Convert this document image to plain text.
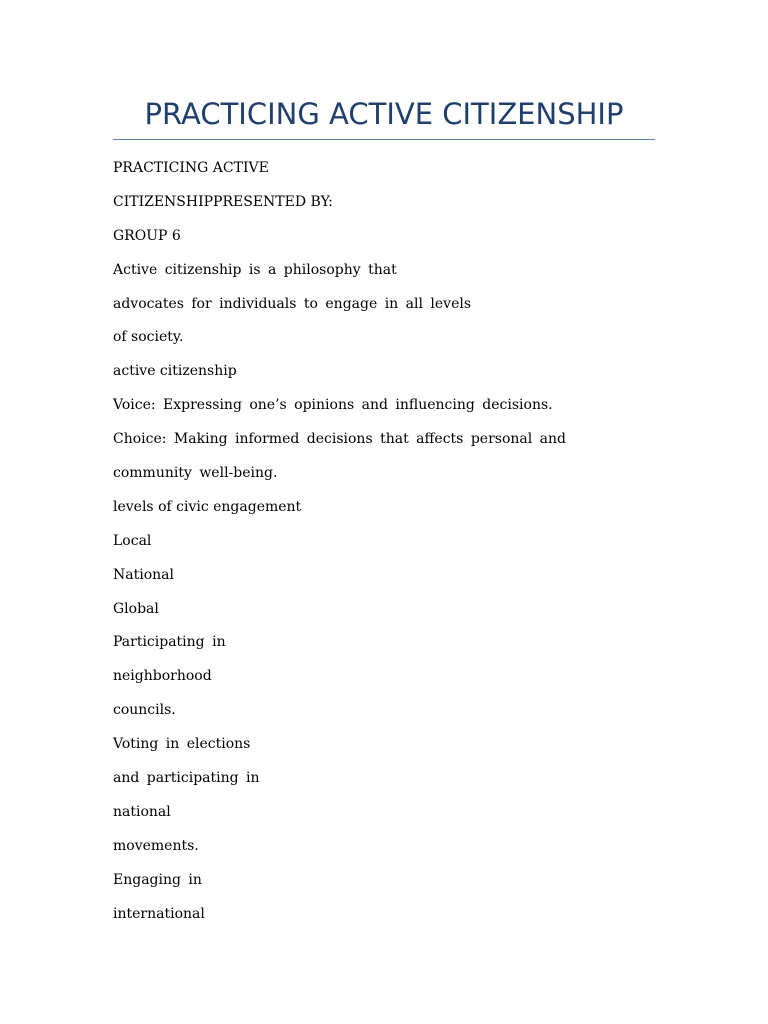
PRACTICING ACTIVE CITIZENSHIP
PRACTICING ACTIVE
CITIZENSHIPPRESENTED BY:
GROUP 6
Active citizenship is a philosophy that
advocates for individuals to engage in all levels
of society.
active citizenship
Voice: Expressing one’s opinions and influencing decisions.
Choice: Making informed decisions that affects personal and
community well-being.
levels of civic engagement
Local
National
Global
Participating in
neighborhood
councils.
Voting in elections
and participating in
national
movements.
Engaging in
international
